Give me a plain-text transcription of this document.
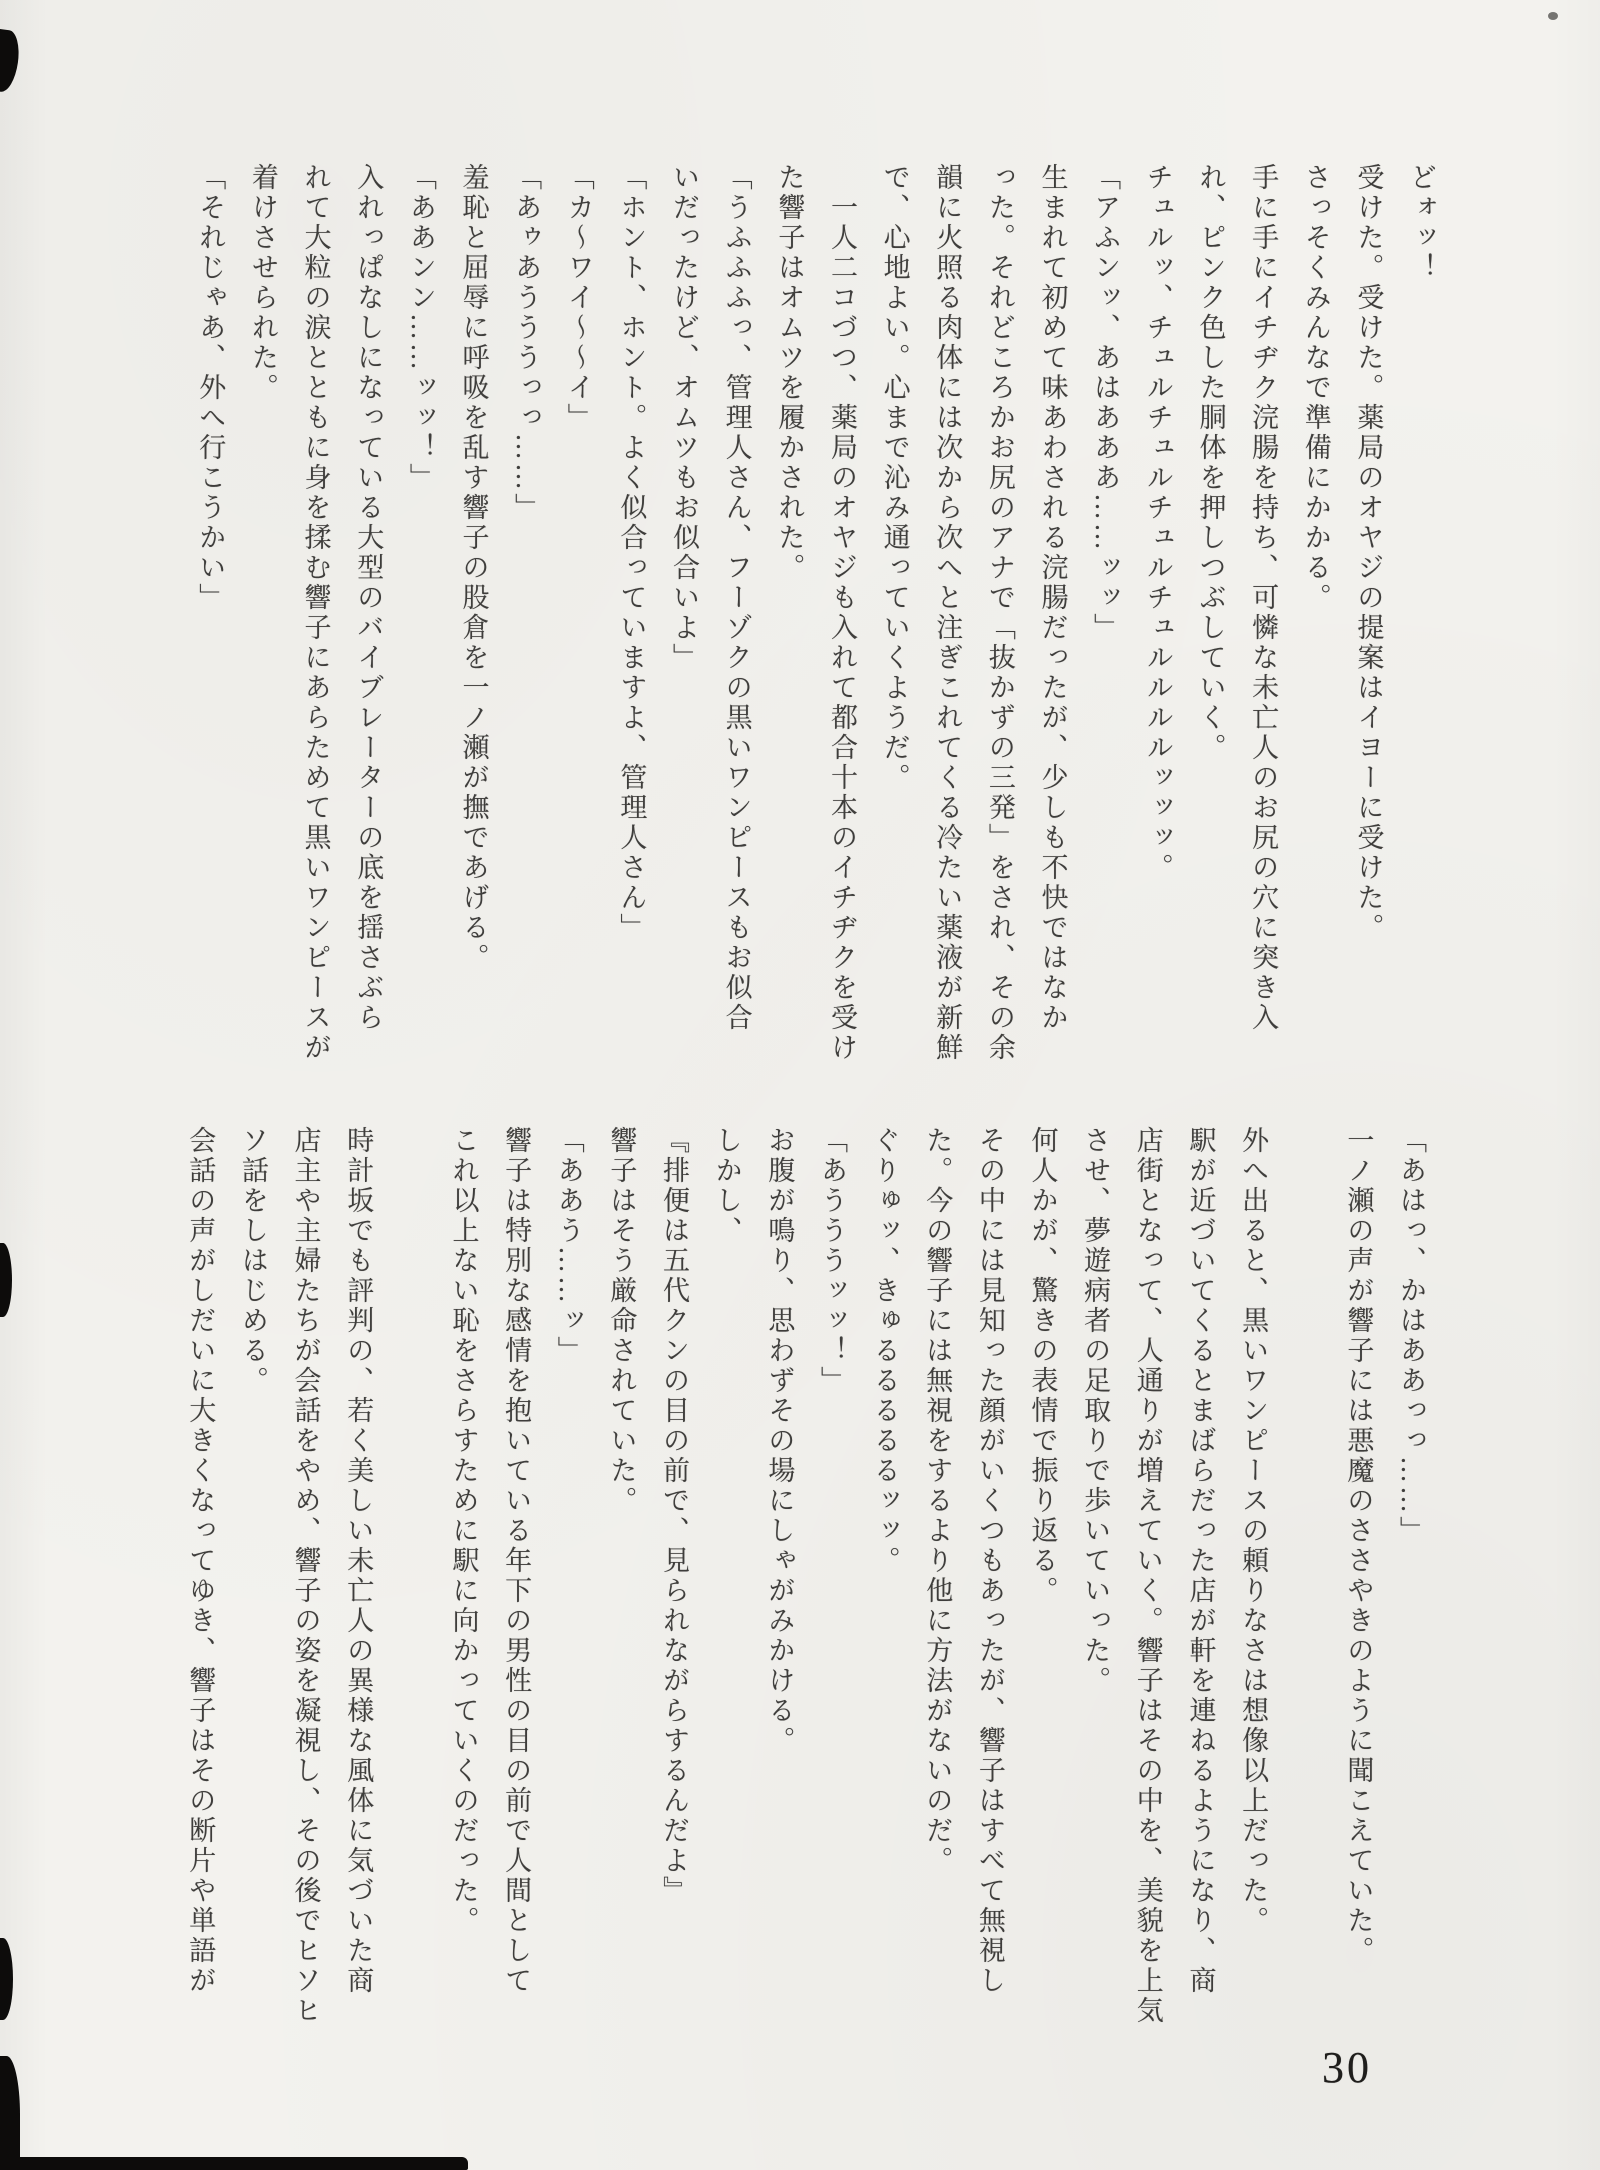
どォッ！
受けた。受けた。薬局のオヤジの提案はイヨーに受けた。
さっそくみんなで準備にかかる。
手に手にイチヂク浣腸を持ち、可憐な未亡人のお尻の穴に突き入
れ、ピンク色した胴体を押しつぶしていく。
チュルッ、チュルチュルチュルチュルルルルッッッ。
「アふンッ、あはあああ……ッッ」
生まれて初めて味あわされる浣腸だったが、少しも不快ではなか
った。それどころかお尻のアナで「抜かずの三発」をされ、その余
韻に火照る肉体には次から次へと注ぎこれてくる冷たい薬液が新鮮
で、心地よい。心まで沁み通っていくようだ。
　一人二コづつ、薬局のオヤジも入れて都合十本のイチヂクを受け
た響子はオムツを履かされた。
「うふふふっ、管理人さん、フーゾクの黒いワンピースもお似合
いだったけど、オムツもお似合いよ」
「ホント、ホント。よく似合っていますよ、管理人さん」
「カ〜ワイ〜〜イ」
「あゥあうううっっ……」
羞恥と屈辱に呼吸を乱す響子の股倉を一ノ瀬が撫であげる。
「ああンン……ッッ！」
入れっぱなしになっている大型のバイブレーターの底を揺さぶら
れて大粒の涙とともに身を揉む響子にあらためて黒いワンピースが
着けさせられた。
「それじゃあ、外へ行こうかい」
「あはっ、かはああっっ……」
一ノ瀬の声が響子には悪魔のささやきのように聞こえていた。
外へ出ると、黒いワンピースの頼りなさは想像以上だった。
駅が近づいてくるとまばらだった店が軒を連ねるようになり、商
店街となって、人通りが増えていく。響子はその中を、美貌を上気
させ、夢遊病者の足取りで歩いていった。
何人かが、驚きの表情で振り返る。
その中には見知った顔がいくつもあったが、響子はすべて無視し
た。今の響子には無視をするより他に方法がないのだ。
ぐりゅッ、きゅるるるるるッッ。
「あうううッッ！」
お腹が鳴り、思わずその場にしゃがみかける。
しかし、
『排便は五代クンの目の前で、見られながらするんだよ』
響子はそう厳命されていた。
「ああう……ッ」
響子は特別な感情を抱いている年下の男性の目の前で人間として
これ以上ない恥をさらすために駅に向かっていくのだった。
時計坂でも評判の、若く美しい未亡人の異様な風体に気づいた商
店主や主婦たちが会話をやめ、響子の姿を凝視し、その後でヒソヒ
ソ話をしはじめる。
会話の声がしだいに大きくなってゆき、響子はその断片や単語が
30
